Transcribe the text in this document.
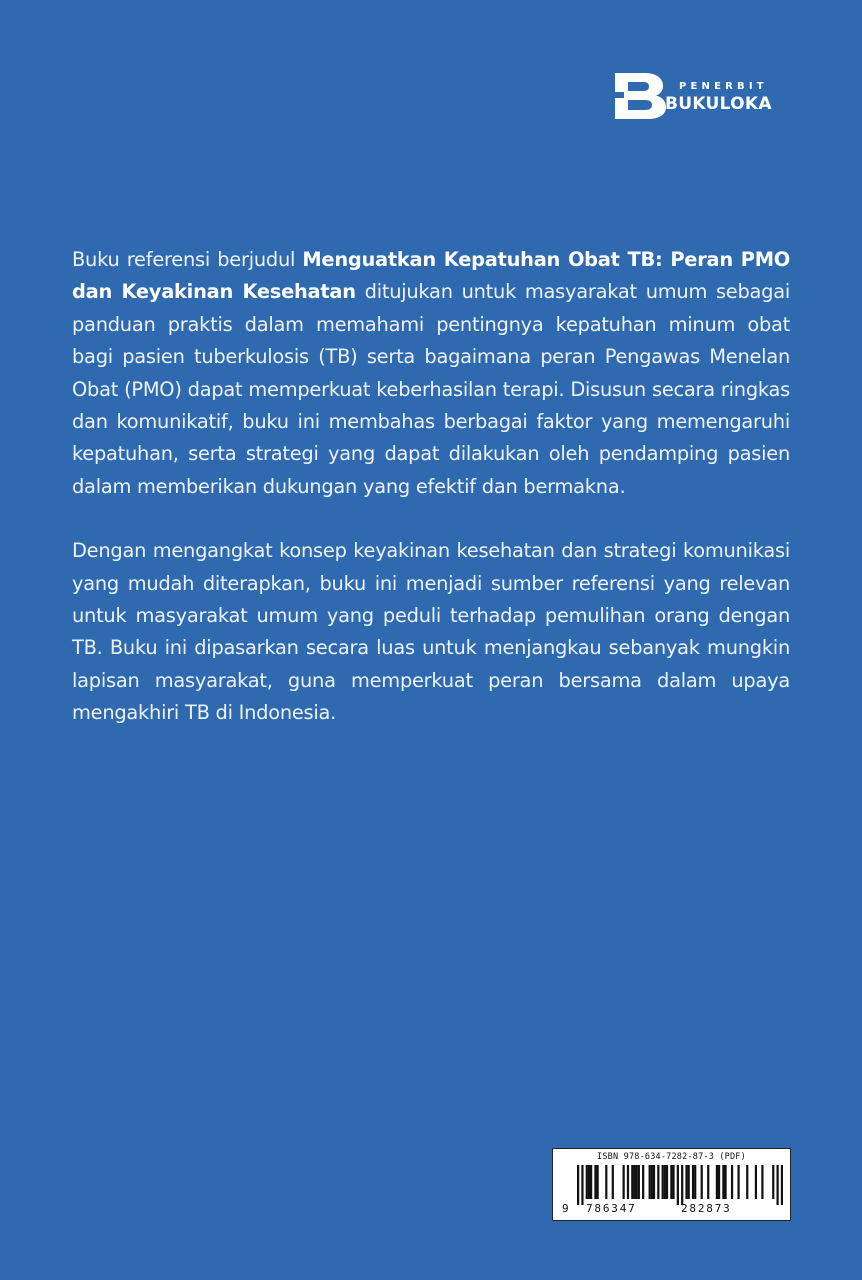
PENERBIT
BUKULOKA

Buku referensi berjudul Menguatkan Kepatuhan Obat TB: Peran PMO dan Keyakinan Kesehatan ditujukan untuk masyarakat umum sebagai panduan praktis dalam memahami pentingnya kepatuhan minum obat bagi pasien tuberkulosis (TB) serta bagaimana peran Pengawas Menelan Obat (PMO) dapat memperkuat keberhasilan terapi. Disusun secara ringkas dan komunikatif, buku ini membahas berbagai faktor yang memengaruhi kepatuhan, serta strategi yang dapat dilakukan oleh pendamping pasien dalam memberikan dukungan yang efektif dan bermakna.

Dengan mengangkat konsep keyakinan kesehatan dan strategi komunikasi yang mudah diterapkan, buku ini menjadi sumber referensi yang relevan untuk masyarakat umum yang peduli terhadap pemulihan orang dengan TB. Buku ini dipasarkan secara luas untuk menjangkau sebanyak mungkin lapisan masyarakat, guna memperkuat peran bersama dalam upaya mengakhiri TB di Indonesia.

ISBN 978-634-7282-87-3 (PDF)
9 786347	282873
